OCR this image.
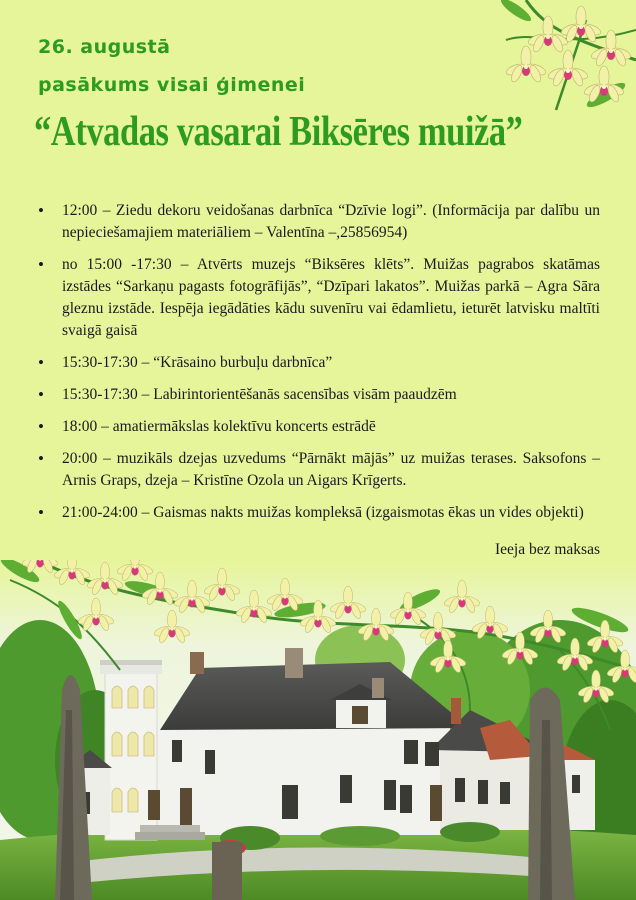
26. augustā
pasākums visai ģimenei
“Atvadas vasarai Biksēres muižā”
• 12:00 – Ziedu dekoru veidošanas darbnīca “Dzīvie logi”. (Informācija par dalību un nepieciešamajiem materiāliem – Valentīna –,25856954)
• no 15:00 -17:30 – Atvērts muzejs “Biksēres klēts”. Muižas pagrabos skatāmas izstādes “Sarkaņu pagasts fotogrāfijās”, “Dzīpari lakatos”. Muižas parkā – Agra Sāra gleznu izstāde. Iespēja iegādāties kādu suvenīru vai ēdamlietu, ieturēt latvisku maltīti svaigā gaisā
• 15:30-17:30 – “Krāsaino burbuļu darbnīca”
• 15:30-17:30 – Labirintorientēšanās sacensības visām paaudzēm
• 18:00 – amatiermākslas kolektīvu koncerts estrādē
• 20:00 – muzikāls dzejas uzvedums “Pārnākt mājās” uz muižas terases. Saksofons – Arnis Graps, dzeja – Kristīne Ozola un Aigars Krīgerts.
• 21:00-24:00 – Gaismas nakts muižas kompleksā (izgaismotas ēkas un vides objekti)
Ieeja bez maksas
